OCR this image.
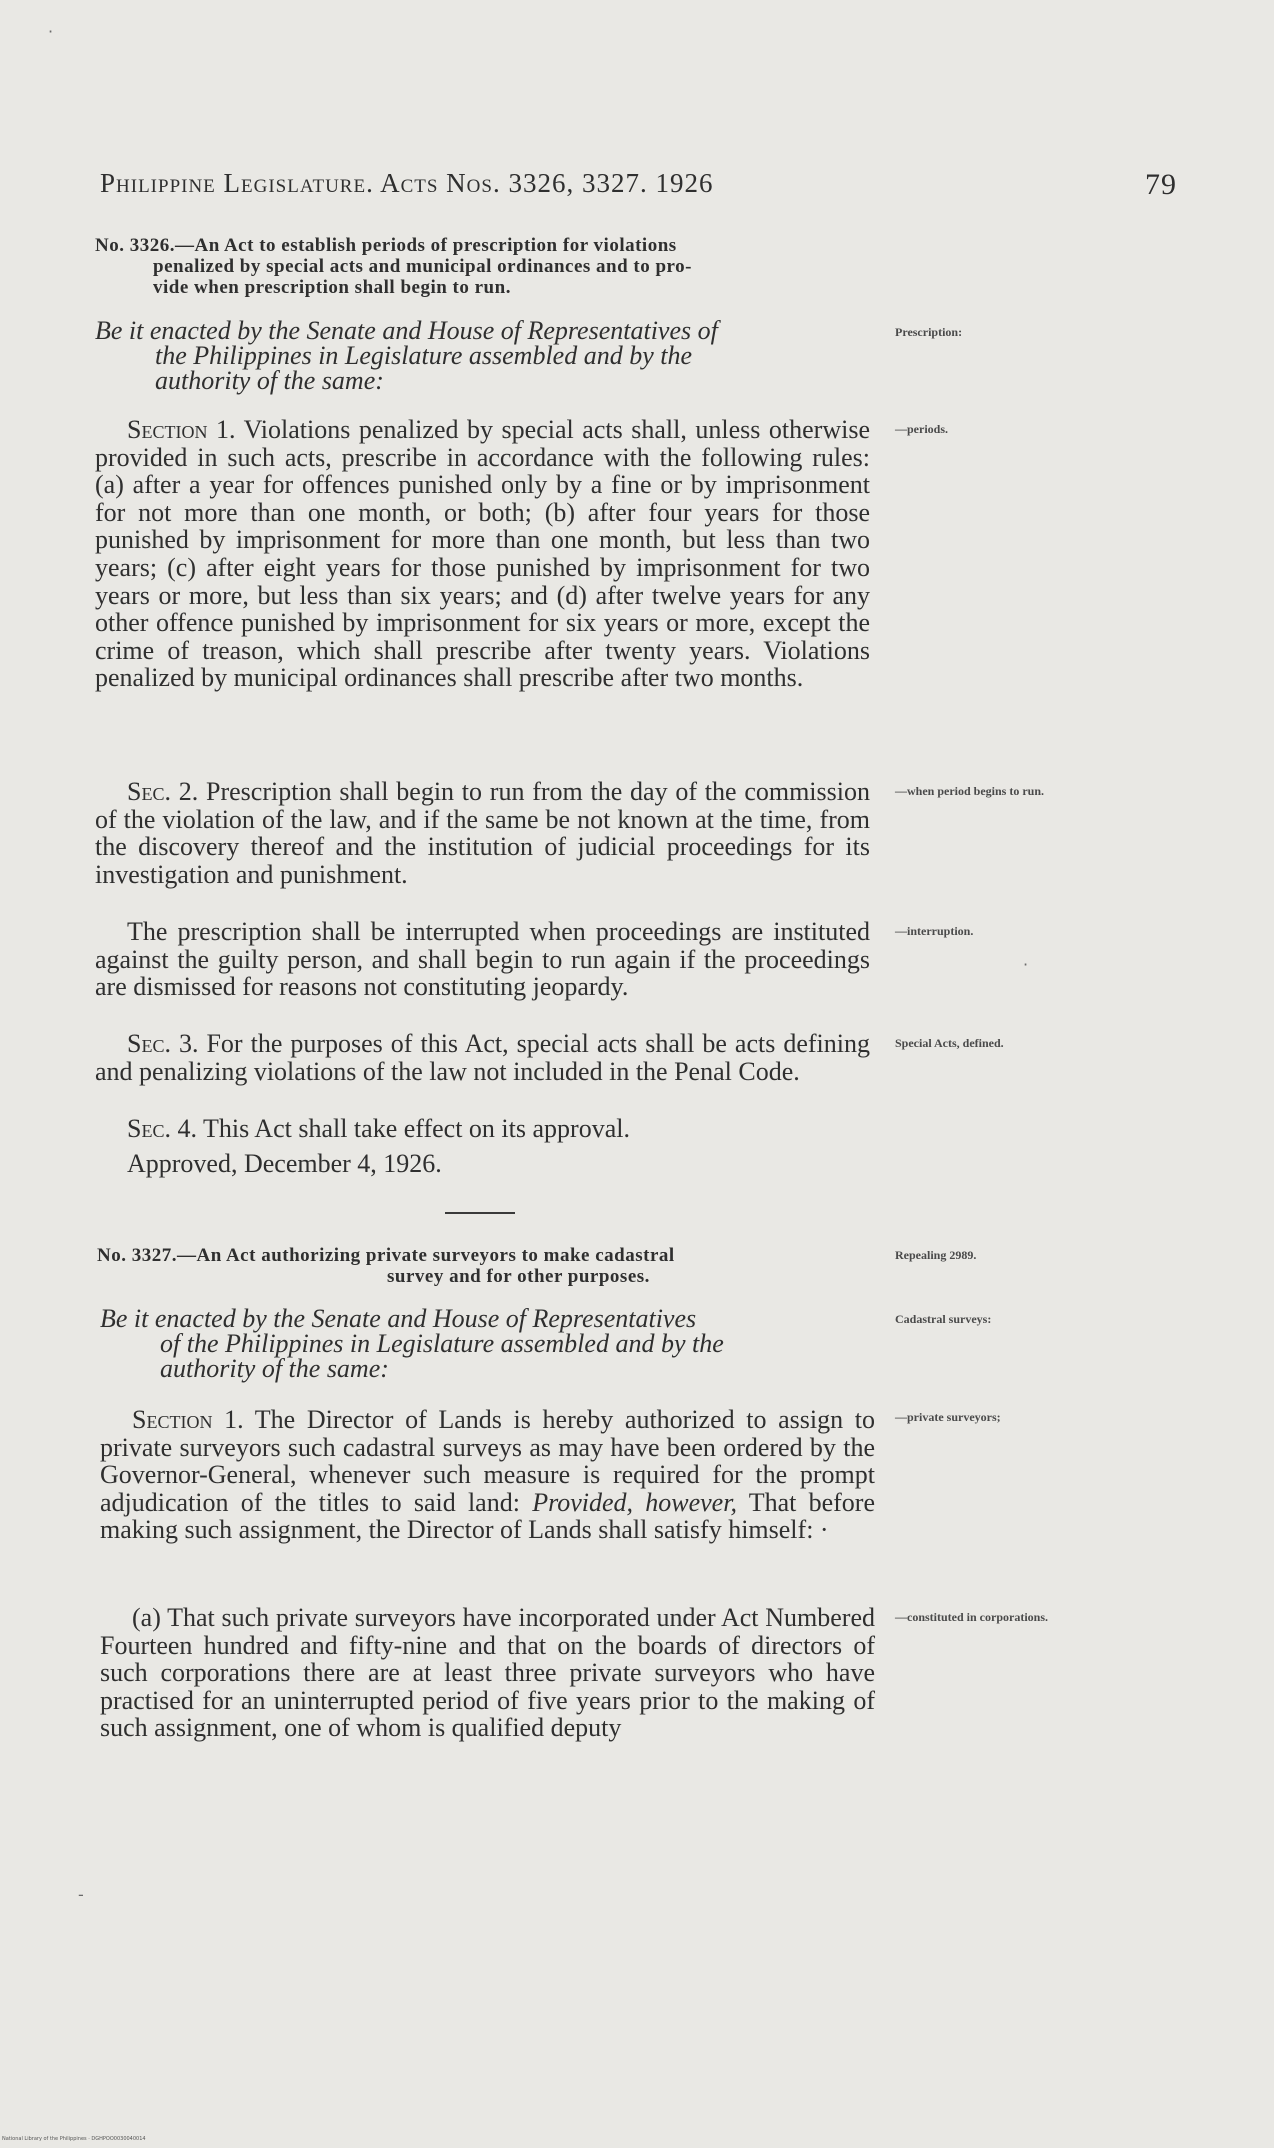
Philippine Legislature. Acts Nos. 3326, 3327. 1926	79
No. 3326.—An Act to establish periods of prescription for violations
penalized by special acts and municipal ordinances and to pro-
vide when prescription shall begin to run.
Be it enacted by the Senate and House of Representatives of
the Philippines in Legislature assembled and by the
authority of the same:
Section 1. Violations penalized by special acts shall, unless otherwise provided in such acts, prescribe in accordance with the following rules: (a) after a year for offences punished only by a fine or by imprisonment for not more than one month, or both; (b) after four years for those punished by imprisonment for more than one month, but less than two years; (c) after eight years for those punished by imprisonment for two years or more, but less than six years; and (d) after twelve years for any other offence punished by imprisonment for six years or more, except the crime of treason, which shall prescribe after twenty years. Violations penalized by municipal ordinances shall prescribe after two months.
Sec. 2. Prescription shall begin to run from the day of the commission of the violation of the law, and if the same be not known at the time, from the discovery thereof and the institution of judicial proceedings for its investigation and punishment.
The prescription shall be interrupted when proceedings are instituted against the guilty person, and shall begin to run again if the proceedings are dismissed for reasons not constituting jeopardy.
Sec. 3. For the purposes of this Act, special acts shall be acts defining and penalizing violations of the law not included in the Penal Code.
Sec. 4. This Act shall take effect on its approval.
Approved, December 4, 1926.
No. 3327.—An Act authorizing private surveyors to make cadastral
survey and for other purposes.
Be it enacted by the Senate and House of Representatives
of the Philippines in Legislature assembled and by the
authority of the same:
Section 1. The Director of Lands is hereby authorized to assign to private surveyors such cadastral surveys as may have been ordered by the Governor-General, whenever such measure is required for the prompt adjudication of the titles to said land: Provided, however, That before making such assignment, the Director of Lands shall satisfy himself: ·
(a) That such private surveyors have incorporated under Act Numbered Fourteen hundred and fifty-nine and that on the boards of directors of such corporations there are at least three private surveyors who have practised for an uninterrupted period of five years prior to the making of such assignment, one of whom is qualified deputy
Prescription:
—periods.
—when period begins to run.
—interruption.
Special Acts, defined.
Repealing 2989.
Cadastral surveys:
—private surveyors;
—constituted in corporations.
·
·
-
National Library of the Philippines · DGHPOO0030040014
